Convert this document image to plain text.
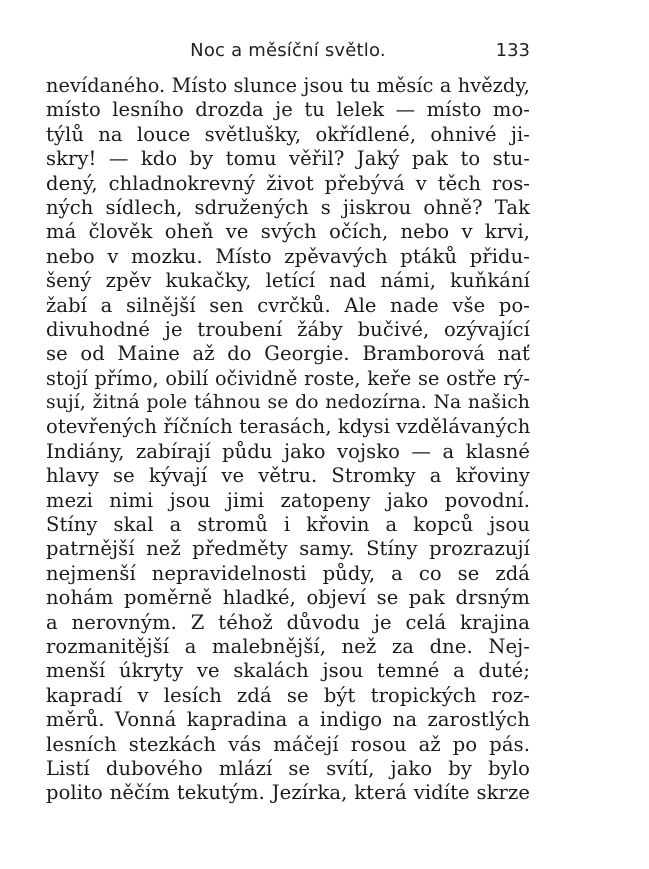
Noc a měsíční světlo.	133
nevídaného. Místo slunce jsou tu měsíc a hvězdy,
místo lesního drozda je tu lelek — místo mo-
týlů na louce světlušky, okřídlené, ohnivé ji-
skry! — kdo by tomu věřil? Jaký pak to stu-
dený, chladnokrevný život přebývá v těch ros-
ných sídlech, sdružených s jiskrou ohně? Tak
má člověk oheň ve svých očích, nebo v krvi,
nebo v mozku. Místo zpěvavých ptáků přidu-
šený zpěv kukačky, letící nad námi, kuňkání
žabí a silnější sen cvrčků. Ale nade vše po-
divuhodné je troubení žáby bučivé, ozývající
se od Maine až do Georgie. Bramborová nať
stojí přímo, obilí očividně roste, keře se ostře rý-
sují, žitná pole táhnou se do nedozírna. Na našich
otevřených říčních terasách, kdysi vzdělávaných
Indiány, zabírají půdu jako vojsko — a klasné
hlavy se kývají ve větru. Stromky a křoviny
mezi nimi jsou jimi zatopeny jako povodní.
Stíny skal a stromů i křovin a kopců jsou
patrnější než předměty samy. Stíny prozrazují
nejmenší nepravidelnosti půdy, a co se zdá
nohám poměrně hladké, objeví se pak drsným
a nerovným. Z téhož důvodu je celá krajina
rozmanitější a malebnější, než za dne. Nej-
menší úkryty ve skalách jsou temné a duté;
kapradí v lesích zdá se být tropických roz-
měrů. Vonná kapradina a indigo na zarostlých
lesních stezkách vás máčejí rosou až po pás.
Listí dubového mlází se svítí, jako by bylo
polito něčím tekutým. Jezírka, která vidíte skrze
